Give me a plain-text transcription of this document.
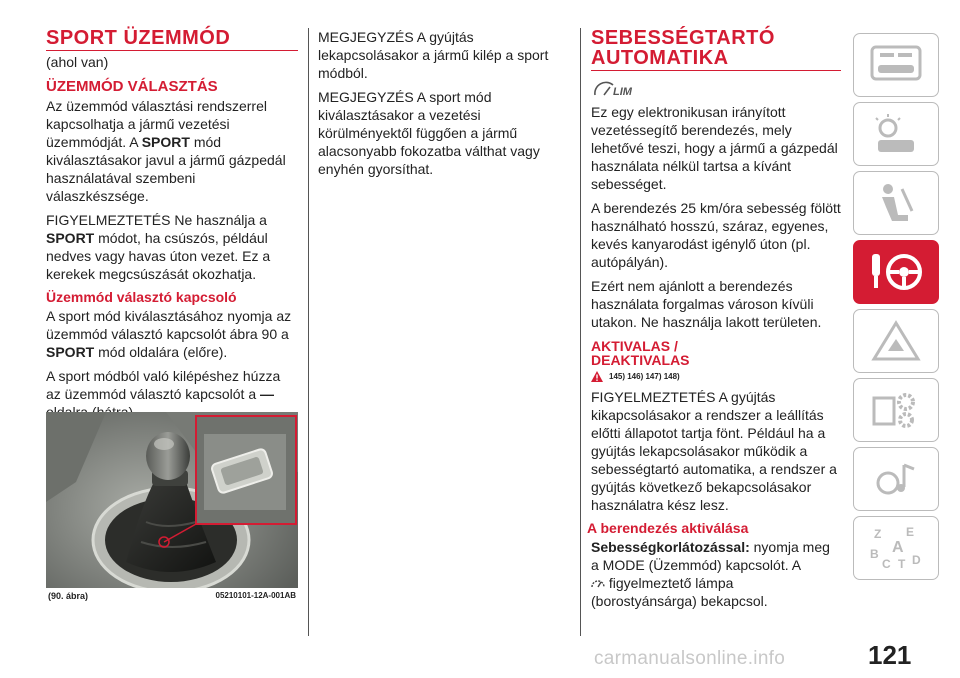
SPORT ÜZEMMÓD

(ahol van)

ÜZEMMÓD VÁLASZTÁS

Az üzemmód választási rendszerrel kapcsolhatja a jármű vezetési üzemmódját. A SPORT mód kiválasztásakor javul a jármű gázpedál használatával szembeni válaszkészsége.

FIGYELMEZTETÉS Ne használja a SPORT módot, ha csúszós, például nedves vagy havas úton vezet. Ez a kerekek megcsúszását okozhatja.

Üzemmód választó kapcsoló

A sport mód kiválasztásához nyomja az üzemmód választó kapcsolót ábra 90 a SPORT mód oldalára (előre).

A sport módból való kilépéshez húzza az üzemmód választó kapcsolót a —

(90. ábra)	05210101-12A-001AB

MEGJEGYZÉS A gyújtás lekapcsolásakor a jármű kilép a sport módból.

MEGJEGYZÉS A sport mód kiválasztásakor a vezetési körülményektől függően a jármű alacsonyabb fokozatba válthat vagy enyhén gyorsíthat.

SEBESSÉGTARTÓ

AUTOMATIKA
LIM

Ez egy elektronikusan irányított vezetéssegítő berendezés, mely lehetővé teszi, hogy a jármű a gázpedál használata nélkül tartsa a kívánt sebességet.

A berendezés 25 km/óra sebesség fölött használható hosszú, száraz, egyenes, kevés kanyarodást igénylő úton (pl. autópályán).

Ezért nem ajánlott a berendezés használata forgalmas városon kívüli utakon. Ne használja lakott területen.

AKTIVALAS /
DEAKTIVALAS
145) 146) 147) 148)

FIGYELMEZTETÉS A gyújtás kikapcsolásakor a rendszer a leállítás előtti állapotot tartja fönt. Például ha a gyújtás lekapcsolásakor működik a sebességtartó automatika, a rendszer a gyújtás következő bekapcsolásakor használatra kész lesz.

A berendezés aktiválása

Sebességkorlátozással: nyomja meg a MODE (Üzemmód) kapcsolót. A

figyelmeztető lámpa (borostyánsárga) bekapcsol.

Z E
A
B
C T D
121
carmanualsonline.info
